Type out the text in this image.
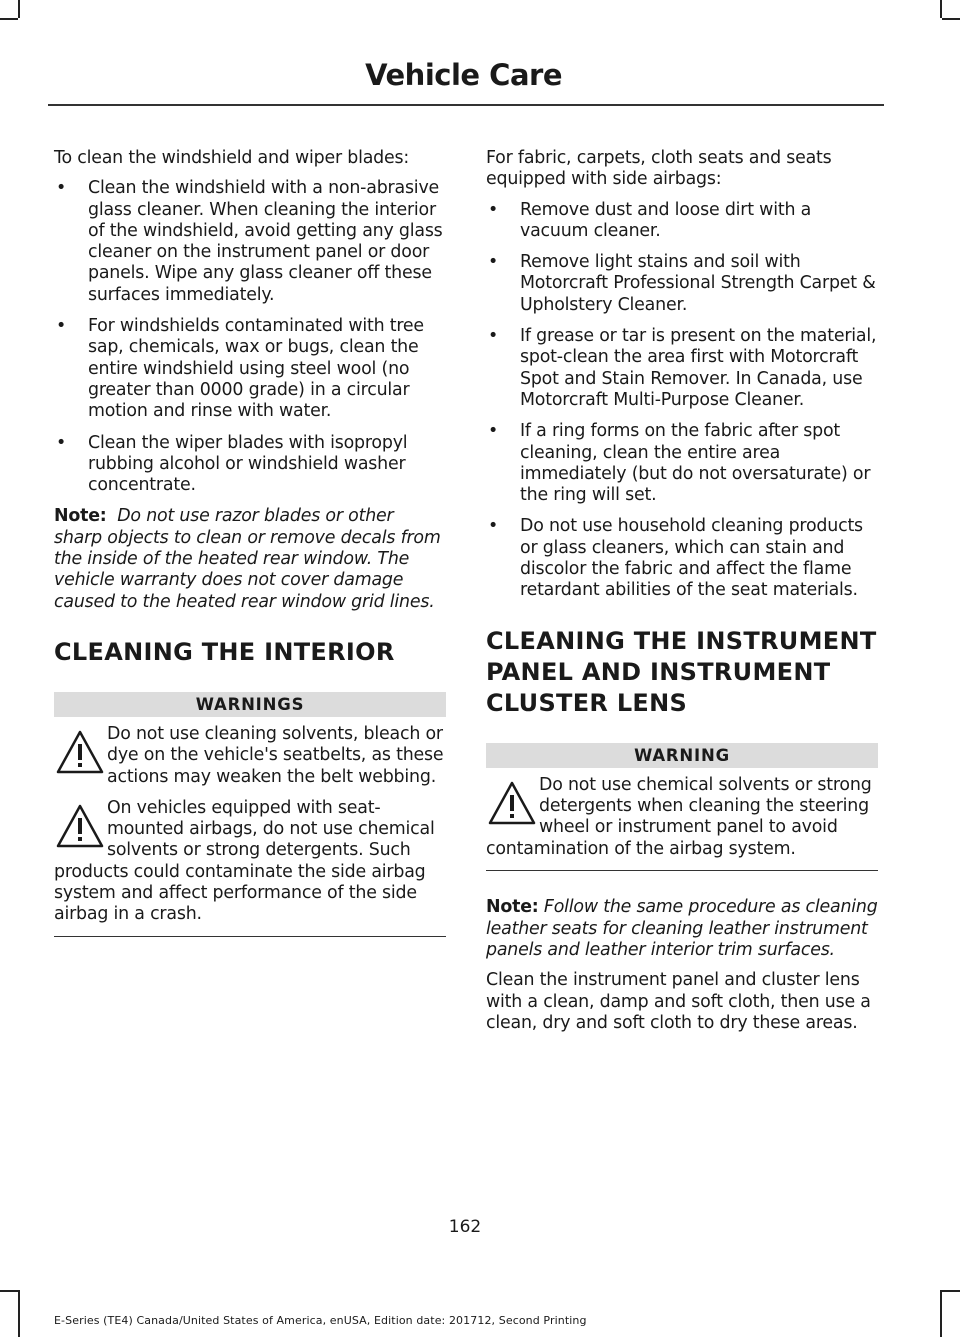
Vehicle Care

To clean the windshield and wiper blades:

• Clean the windshield with a non-abrasive glass cleaner. When cleaning the interior of the windshield, avoid getting any glass cleaner on the instrument panel or door panels. Wipe any glass cleaner off these surfaces immediately.
• For windshields contaminated with tree sap, chemicals, wax or bugs, clean the entire windshield using steel wool (no greater than 0000 grade) in a circular motion and rinse with water.
• Clean the wiper blades with isopropyl rubbing alcohol or windshield washer concentrate.

Note: Do not use razor blades or other sharp objects to clean or remove decals from the inside of the heated rear window. The vehicle warranty does not cover damage caused to the heated rear window grid lines.

CLEANING THE INTERIOR
WARNINGS
Do not use cleaning solvents, bleach or dye on the vehicle's seatbelts, as these actions may weaken the belt webbing.
On vehicles equipped with seat-mounted airbags, do not use chemical solvents or strong detergents. Such products could contaminate the side airbag system and affect performance of the side airbag in a crash.

For fabric, carpets, cloth seats and seats equipped with side airbags:

• Remove dust and loose dirt with a vacuum cleaner.
• Remove light stains and soil with Motorcraft Professional Strength Carpet & Upholstery Cleaner.
• If grease or tar is present on the material, spot-clean the area first with Motorcraft Spot and Stain Remover. In Canada, use Motorcraft Multi-Purpose Cleaner.
• If a ring forms on the fabric after spot cleaning, clean the entire area immediately (but do not oversaturate) or the ring will set.
• Do not use household cleaning products or glass cleaners, which can stain and discolor the fabric and affect the flame retardant abilities of the seat materials.
CLEANING THE INSTRUMENT PANEL AND INSTRUMENT CLUSTER LENS
WARNING
Do not use chemical solvents or strong detergents when cleaning the steering wheel or instrument panel to avoid contamination of the airbag system.

Note: Follow the same procedure as cleaning leather seats for cleaning leather instrument panels and leather interior trim surfaces.

Clean the instrument panel and cluster lens with a clean, damp and soft cloth, then use a clean, dry and soft cloth to dry these areas.

162
E-Series (TE4) Canada/United States of America, enUSA, Edition date: 201712, Second Printing
